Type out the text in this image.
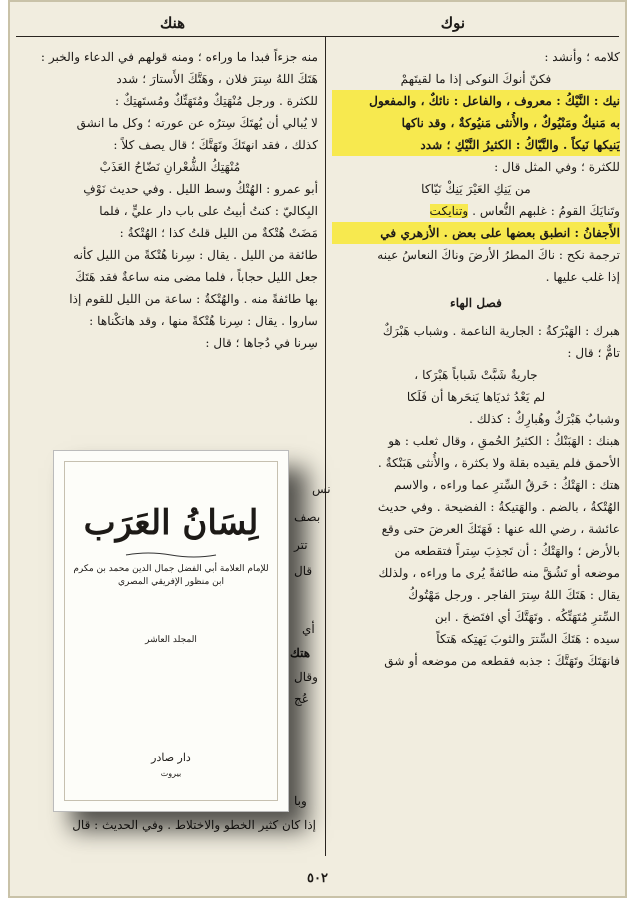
نوك
هنك
كلامه ؛ وأنشد :
فكنّ أنوكَ النوكى إذا ما لقيتَهمْ
نيك : النَّيْكُ : معروف ، والفاعل : نائكٌ ، والمفعول
به مَنيكٌ ومَنْيُوكٌ ، والأُنثى مَنيُوكةٌ ، وقد ناكها
يَنيكها نَيكاً . والنَّيّاكُ : الكثيرُ النَّيْكِ ؛ شدد
للكثرة ؛ وفي المثل قال :
من يَنِكِ العَيْرَ يَنِكْ نَيّاكا
وتَنايَكَ القومُ : غلبهم النُّعاس . وتنايكت
الأَجفانُ : انطبق بعضها على بعض . الأزهري في
ترجمة نكح : ناكَ المطرُ الأرضَ وناكَ النعاسُ عينه
إذا غلب عليها .
فصل الهاء
هبرك : الهَبْرَكةُ : الجارية الناعمة . وشباب هَبْرَكٌ
تامٌّ ؛ قال :
جاريةٌ شَبَّتْ شَباباً هَبْرَكا ،
لم يَعْدُ ثديَاها يَنحَرها أن فَلَكا
وشبابٌ هَبْرَكٌ وهُبارِكٌ : كذلك .
هبنك : الهَبَنْكُ : الكثيرُ الحُمقِ ، وقال ثعلب : هو
الأحمق فلم يقيده بقلة ولا بكثرة ، والأُنثى هَبَنْكةٌ .
هتك : الهَتْكُ : خَرقُ السِّترِ عما وراءه ، والاسم
الهُتْكةُ ، بالضم . والهَتيكةُ : الفضيحة . وفي حديث
عائشة ، رضي الله عنها : فَهَتَكَ العرضَ حتى وقع
بالأرض ؛ والهَتْكُ : أن تَجذِبَ سِتراً فتقطعه من
موضعه أو تَشُقَّ منه طائفةً يُرى ما وراءه ، ولذلك
يقال : هَتَكَ اللهُ سِترَ الفاجر . ورجل مَهْتُوكُ
السِّترِ مُتَهَتِّكُه . وتَهَتَّكَ أي افتَضحَ . ابن
سيده : هَتَكَ السِّترَ والثوبَ يَهتِكه هَتكاً
فانهَتَكَ وتَهَتَّكَ : جذبه فقطعه من موضعه أو شق
منه جزءاً فبدا ما وراءه ؛ ومنه قولهم في الدعاء والخبر :
هَتَكَ اللهُ سِترَ فلان ، وهَتَّكَ الأَستارَ ؛ شدد
للكثرة . ورجل مُنْهَتِكٌ ومُتَهَتِّكٌ ومُستَهتِكٌ :
لا يُبالي أن يُهتَكَ سِترُه عن عورته ؛ وكل ما انشق
كذلك ، فقد انهتَكَ وتَهَتَّكَ ؛ قال يصف كلاً :
مُنْهَتِكُ الشُّعْرانِ نَضّاحُ العَذَبْ
أبو عمرو : الهُتْكُ وسط الليل . وفي حديث نَوْفِ
البِكاليّ : كنتُ أبيتُ على باب دار عليٍّ ، فلما
مَضَتْ هُتْكةٌ من الليل قلتُ كذا ؛ الهُتْكةُ :
طائفة من الليل . يقال : سِرنا هُتْكةً من الليل كأنه
جعل الليل حجاباً ، فلما مضى منه ساعةٌ فقد هَتَكَ
بها طائفةً منه . والهُتْكةُ : ساعة من الليل للقوم إذا
ساروا . يقال : سِرنا هُتْكةً منها ، وقد هاتكْناها :
سِرنا في دُجاها ؛ قال :
نس
بصف
تتر
قال
أي
هتك
وقال
عُج
وبا
إذا كان كثير الخطو والاختلاط . وفي الحديث : قال
٥٠٢
لِسَانُ العَرَب
للإمام العلامة أبي الفضل جمال الدين محمد بن مكرم
ابن منظور الإفريقي المصري
المجلد العاشر
دار صادر
بيروت
